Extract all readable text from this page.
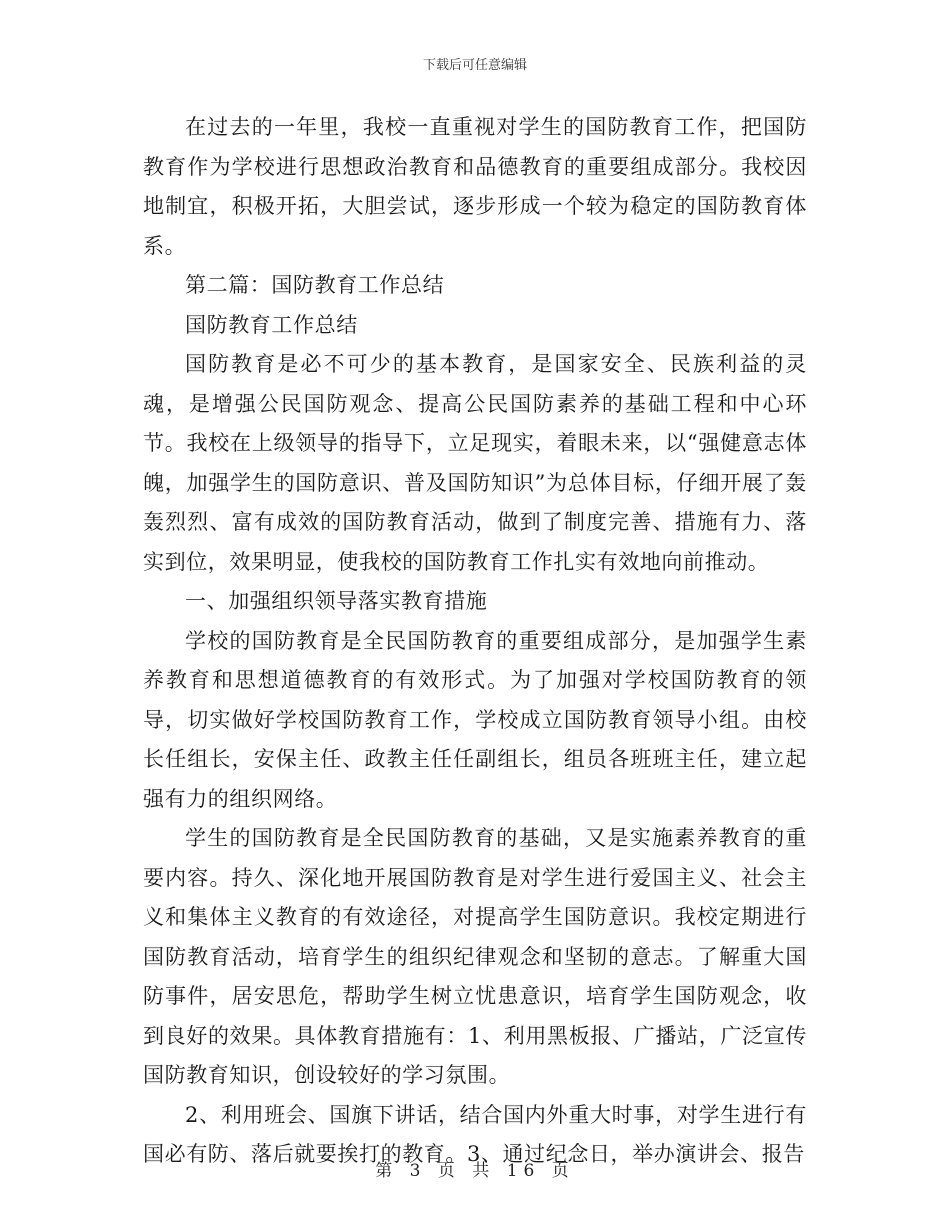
下载后可任意编辑

在过去的一年里，我校一直重视对学生的国防教育工作，把国防教育作为学校进行思想政治教育和品德教育的重要组成部分。我校因地制宜，积极开拓，大胆尝试，逐步形成一个较为稳定的国防教育体系。

第二篇：国防教育工作总结

国防教育工作总结

国防教育是必不可少的基本教育，是国家安全、民族利益的灵魂，是增强公民国防观念、提高公民国防素养的基础工程和中心环节。我校在上级领导的指导下，立足现实，着眼未来，以“强健意志体魄，加强学生的国防意识、普及国防知识”为总体目标，仔细开展了轰轰烈烈、富有成效的国防教育活动，做到了制度完善、措施有力、落实到位，效果明显，使我校的国防教育工作扎实有效地向前推动。

一、加强组织领导落实教育措施

学校的国防教育是全民国防教育的重要组成部分，是加强学生素养教育和思想道德教育的有效形式。为了加强对学校国防教育的领导，切实做好学校国防教育工作，学校成立国防教育领导小组。由校长任组长，安保主任、政教主任任副组长，组员各班班主任，建立起强有力的组织网络。

学生的国防教育是全民国防教育的基础，又是实施素养教育的重要内容。持久、深化地开展国防教育是对学生进行爱国主义、社会主义和集体主义教育的有效途径，对提高学生国防意识。我校定期进行国防教育活动，培育学生的组织纪律观念和坚韧的意志。了解重大国防事件，居安思危，帮助学生树立忧患意识，培育学生国防观念，收到良好的效果。具体教育措施有：1、利用黑板报、广播站，广泛宣传国防教育知识，创设较好的学习氛围。

2、利用班会、国旗下讲话，结合国内外重大时事，对学生进行有国必有防、落后就要挨打的教育。3、通过纪念日，举办演讲会、报告

第 3 页 共 16 页
